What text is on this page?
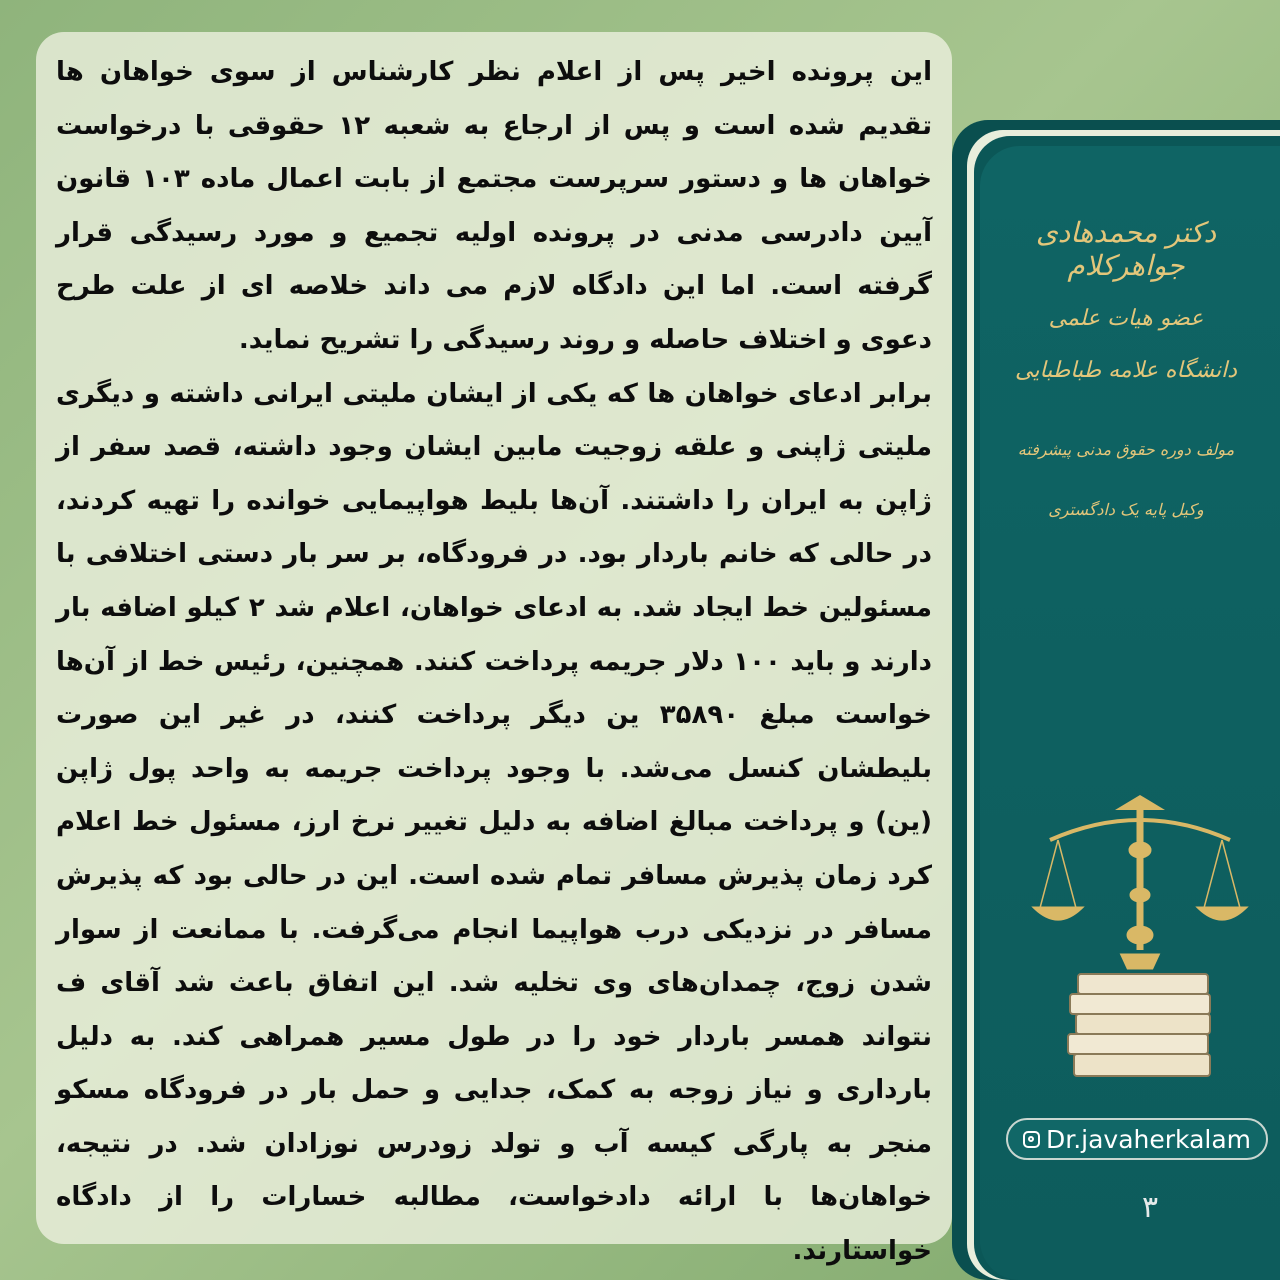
این پرونده اخیر پس از اعلام نظر کارشناس از سوی خواهان ها تقدیم شده است و پس از ارجاع به شعبه ۱۲ حقوقی با درخواست خواهان ها و دستور سرپرست مجتمع از بابت اعمال ماده ۱۰۳ قانون آیین دادرسی مدنی در پرونده اولیه تجمیع و مورد رسیدگی قرار گرفته است. اما این دادگاه لازم می داند خلاصه ای از علت طرح دعوی و اختلاف حاصله و روند رسیدگی را تشریح نماید.

برابر ادعای خواهان ها که یکی از ایشان ملیتی ایرانی داشته و دیگری ملیتی ژاپنی و علقه زوجیت مابین ایشان وجود داشته، قصد سفر از ژاپن به ایران را داشتند. آن‌ها بلیط هواپیمایی خوانده را تهیه کردند، در حالی که خانم باردار بود. در فرودگاه، بر سر بار دستی اختلافی با مسئولین خط ایجاد شد. به ادعای خواهان، اعلام شد ۲ کیلو اضافه بار دارند و باید ۱۰۰ دلار جریمه پرداخت کنند. همچنین، رئیس خط از آن‌ها خواست مبلغ ۳۵۸۹۰ ین دیگر پرداخت کنند، در غیر این صورت بلیطشان کنسل می‌شد. با وجود پرداخت جریمه به واحد پول ژاپن (ین) و پرداخت مبالغ اضافه به دلیل تغییر نرخ ارز، مسئول خط اعلام کرد زمان پذیرش مسافر تمام شده است. این در حالی بود که پذیرش مسافر در نزدیکی درب هواپیما انجام می‌گرفت. با ممانعت از سوار شدن زوج، چمدان‌های وی تخلیه شد. این اتفاق باعث شد آقای ف نتواند همسر باردار خود را در طول مسیر همراهی کند. به دلیل بارداری و نیاز زوجه به کمک، جدایی و حمل بار در فرودگاه مسکو منجر به پارگی کیسه آب و تولد زودرس نوزادان شد. در نتیجه، خواهان‌ها با ارائه دادخواست، مطالبه خسارات را از دادگاه خواستارند.

دکتر محمدهادی جواهرکلام
عضو هیات علمی
دانشگاه علامه طباطبایی
مولف دوره حقوق مدنی پیشرفته
وکیل پایه یک دادگستری
Dr.javaherkalam
۳
